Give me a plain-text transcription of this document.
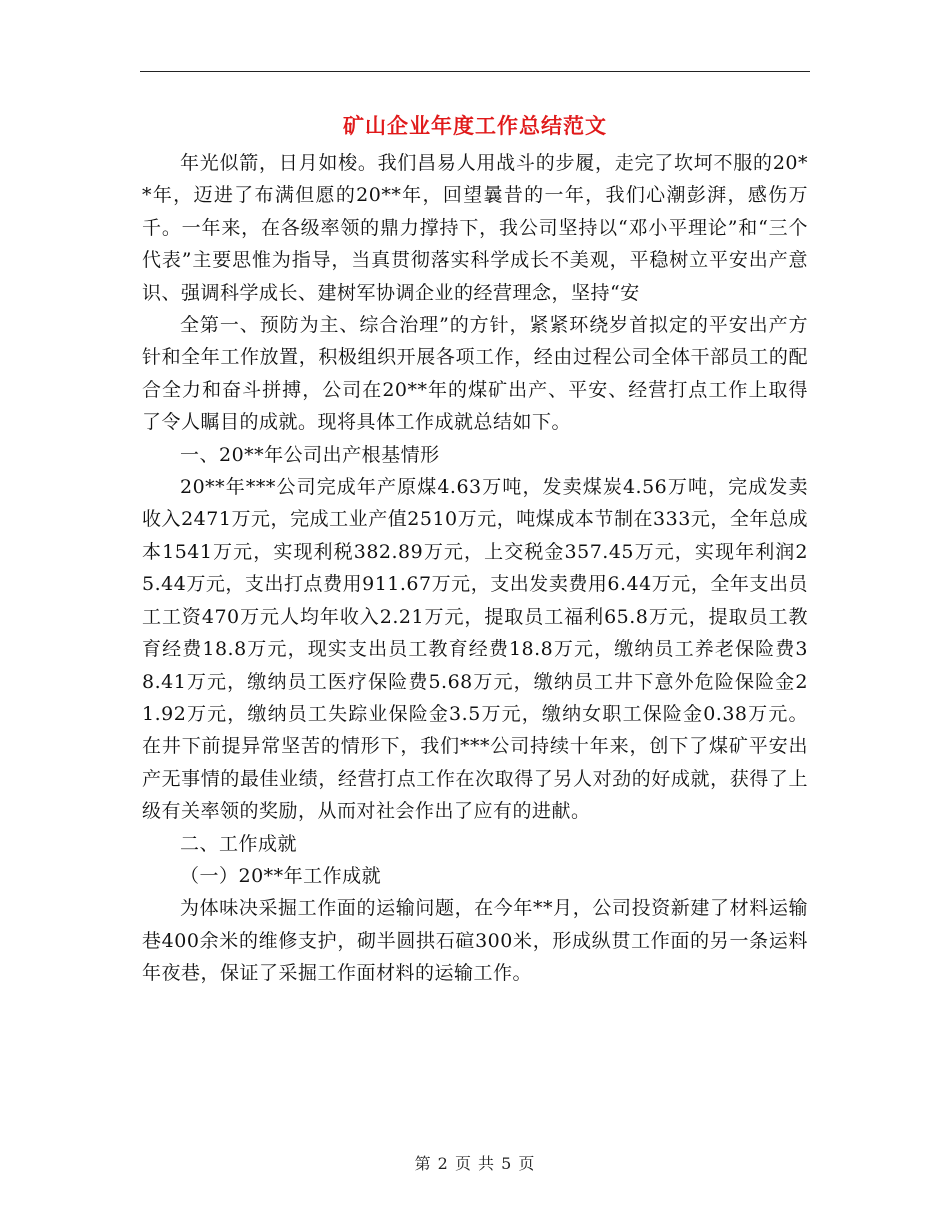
矿山企业年度工作总结范文

年光似箭，日月如梭。我们昌易人用战斗的步履，走完了坎坷不服的20**年，迈进了布满但愿的20**年，回望曩昔的一年，我们心潮彭湃，感伤万千。一年来，在各级率领的鼎力撑持下，我公司坚持以“邓小平理论”和“三个代表”主要思惟为指导，当真贯彻落实科学成长不美观，平稳树立平安出产意识、强调科学成长、建树军协调企业的经营理念，坚持“安

全第一、预防为主、综合治理”的方针，紧紧环绕岁首拟定的平安出产方针和全年工作放置，积极组织开展各项工作，经由过程公司全体干部员工的配合全力和奋斗拼搏，公司在20**年的煤矿出产、平安、经营打点工作上取得了令人瞩目的成就。现将具体工作成就总结如下。

一、20**年公司出产根基情形

20**年***公司完成年产原煤4.63万吨，发卖煤炭4.56万吨，完成发卖收入2471万元，完成工业产值2510万元，吨煤成本节制在333元，全年总成本1541万元，实现利税382.89万元，上交税金357.45万元，实现年利润25.44万元，支出打点费用911.67万元，支出发卖费用6.44万元，全年支出员工工资470万元人均年收入2.21万元，提取员工福利65.8万元，提取员工教育经费18.8万元，现实支出员工教育经费18.8万元，缴纳员工养老保险费38.41万元，缴纳员工医疗保险费5.68万元，缴纳员工井下意外危险保险金21.92万元，缴纳员工失踪业保险金3.5万元，缴纳女职工保险金0.38万元。在井下前提异常坚苦的情形下，我们***公司持续十年来，创下了煤矿平安出产无事情的最佳业绩，经营打点工作在次取得了另人对劲的好成就，获得了上级有关率领的奖励，从而对社会作出了应有的进献。

二、工作成就

（一）20**年工作成就

为体味决采掘工作面的运输问题，在今年**月，公司投资新建了材料运输巷400余米的维修支护，砌半圆拱石碹300米，形成纵贯工作面的另一条运料年夜巷，保证了采掘工作面材料的运输工作。

第 2 页 共 5 页
